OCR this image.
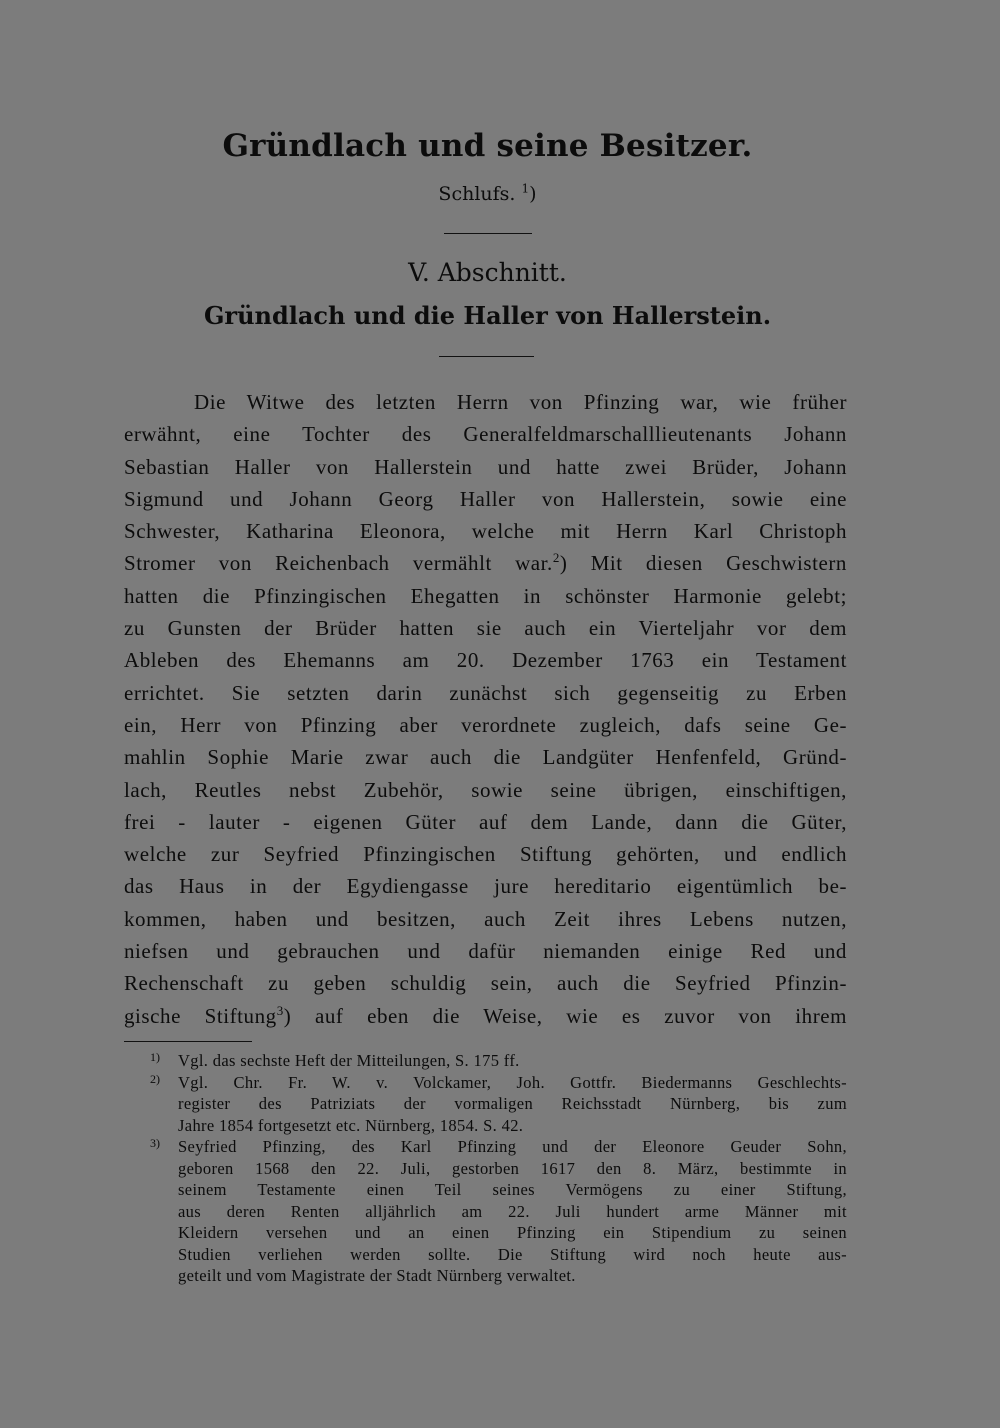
Gründlach und seine Besitzer.
Schlufs. $^1$)
V. Abschnitt.
Gründlach und die Haller von Hallerstein.
Die Witwe des letzten Herrn von Pfinzing war, wie früher
erwähnt, eine Tochter des Generalfeldmarschalllieutenants Johann
Sebastian Haller von Hallerstein und hatte zwei Brüder, Johann
Sigmund und Johann Georg Haller von Hallerstein, sowie eine
Schwester, Katharina Eleonora, welche mit Herrn Karl Christoph
Stromer von Reichenbach vermählt war.$^2$) Mit diesen Geschwistern
hatten die Pfinzingischen Ehegatten in schönster Harmonie gelebt;
zu Gunsten der Brüder hatten sie auch ein Vierteljahr vor dem
Ableben des Ehemanns am 20. Dezember 1763 ein Testament
errichtet. Sie setzten darin zunächst sich gegenseitig zu Erben
ein, Herr von Pfinzing aber verordnete zugleich, dafs seine Ge-
mahlin Sophie Marie zwar auch die Landgüter Henfenfeld, Gründ-
lach, Reutles nebst Zubehör, sowie seine übrigen, einschiftigen,
frei - lauter - eigenen Güter auf dem Lande, dann die Güter,
welche zur Seyfried Pfinzingischen Stiftung gehörten, und endlich
das Haus in der Egydiengasse jure hereditario eigentümlich be-
kommen, haben und besitzen, auch Zeit ihres Lebens nutzen,
niefsen und gebrauchen und dafür niemanden einige Red und
Rechenschaft zu geben schuldig sein, auch die Seyfried Pfinzin-
gische Stiftung$^3$) auf eben die Weise, wie es zuvor von ihrem
1)	Vgl. das sechste Heft der Mitteilungen, S. 175 ff.
2)	Vgl. Chr. Fr. W. v. Volckamer, Joh. Gottfr. Biedermanns Geschlechts-
register des Patriziats der vormaligen Reichsstadt Nürnberg, bis zum
Jahre 1854 fortgesetzt etc. Nürnberg, 1854. S. 42.
3)	Seyfried Pfinzing, des Karl Pfinzing und der Eleonore Geuder Sohn,
geboren 1568 den 22. Juli, gestorben 1617 den 8. März, bestimmte in
seinem Testamente einen Teil seines Vermögens zu einer Stiftung,
aus deren Renten alljährlich am 22. Juli hundert arme Männer mit
Kleidern versehen und an einen Pfinzing ein Stipendium zu seinen
Studien verliehen werden sollte. Die Stiftung wird noch heute aus-
geteilt und vom Magistrate der Stadt Nürnberg verwaltet.
